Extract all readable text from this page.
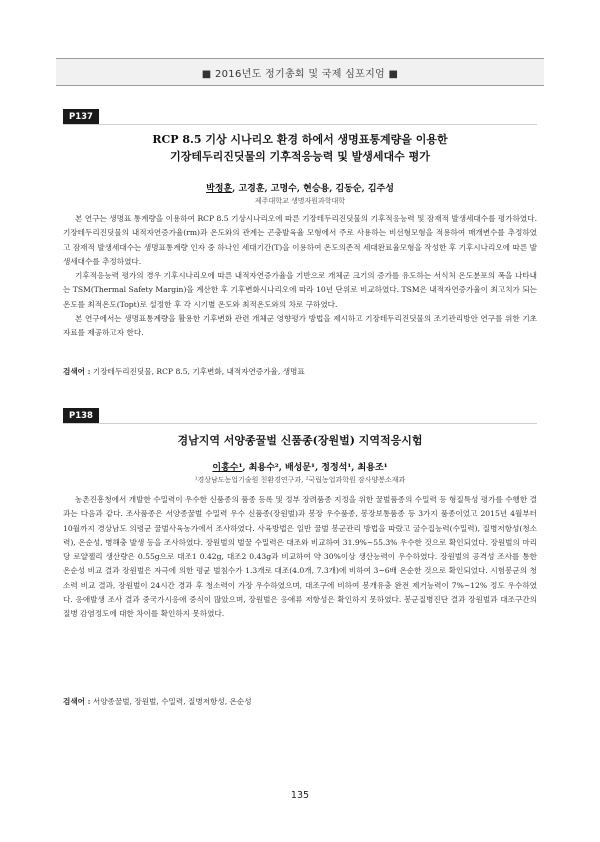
■ 2016년도 정기총회 및 국제 심포지엄 ■
P137
RCP 8.5 기상 시나리오 환경 하에서 생명표통계량을 이용한
기장테두리진딧물의 기후적응능력 및 발생세대수 평가
박정훈, 고경훈, 고명수, 현승용, 김동순, 김주성
제주대학교 생명자원과학대학

본 연구는 생명표 통계량을 이용하여 RCP 8.5 기상시나리오에 따른 기장테두리진딧물의 기후적응능력 및 잠재적 발생세대수를 평가하였다. 기장테두리진딧물의 내적자연증가율(rm)과 온도와의 관계는 곤충발육율 모형에서 주로 사용하는 비선형모형을 적용하여 매개변수를 추정하였고 잠재적 발생세대수는 생명표통계량 인자 중 하나인 세대기간(T)을 이용하여 온도의존적 세대완료율모형을 작성한 후 기후시나리오에 따른 발생세대수를 추정하였다.

기후적응능력 평가의 경우 기후시나리오에 따른 내적자연증가율을 기반으로 개체군 크기의 증가를 유도하는 서식처 온도분포의 폭을 나타내는 TSM(Thermal Safety Margin)을 계산한 후 기후변화시나리오에 따라 10년 단위로 비교하였다. TSM은 내적자연증가율이 최고치가 되는 온도를 최적온도(Topt)로 설정한 후 각 시기별 온도와 최적온도와의 차로 구하였다.

본 연구에서는 생명표통계량을 활용한 기후변화 관련 개체군 영향평가 방법을 제시하고 기장테두리진딧물의 조기관리방안 연구를 위한 기초자료를 제공하고자 한다.

검색어 : 기장테두리진딧물, RCP 8.5, 기후변화, 내적자연증가율, 생명표
P138
경남지역 서양종꿀벌 신품종(장원벌) 지역적응시험
이홍수¹, 최용수², 배성문¹, 정정석¹, 최용조¹
¹경상남도농업기술원 친환경연구과, ²국립농업과학원 잠사양봉소재과

농촌진흥청에서 개발한 수밀력이 우수한 신품종의 품종 등록 및 정부 장려품종 지정을 위한 꿀벌품종의 수밀력 등 형질특성 평가를 수행한 결과는 다음과 같다. 조사품종은 서양종꿀벌 수밀력 우수 신품종(장원벌)과 봉장 우수품종, 봉장보통품종 등 3가지 품종이었고 2015년 4월부터 10월까지 경상남도 의령군 꿀벌사육농가에서 조사하였다. 사육방법은 일반 꿀벌 봉군관리 방법을 따랐고 굴수집능력(수밀력), 질병저항성(청소력), 온순성, 병해충 발생 등을 조사하였다. 장원벌의 벌꿀 수밀력은 대조와 비교하여 31.9%~55.3% 우수한 것으로 확인되었다. 장원벌의 마리당 로얄젤리 생산량은 0.55g으로 대조1 0.42g, 대조2 0.43g과 비교하여 약 30%이상 생산능력이 우수하였다. 장원벌의 공격성 조사를 통한 온순성 비교 결과 장원벌은 자극에 의한 평균 벌침수가 1.3개로 대조(4.0개, 7.3개)에 비하여 3~6배 온순한 것으로 확인되었다. 시험봉군의 청소력 비교 결과, 장원벌이 24시간 경과 후 청소력이 가장 우수하였으며, 대조구에 비하여 봉개유충 완전 제거능력이 7%~12% 정도 우수하였다. 응애발생 조사 결과 중국가시응애 중식이 많았으며, 장원벌은 응애류 저항성은 확인하지 못하였다. 봉군질병진단 결과 장원벌과 대조구간의 질병 감염정도에 대한 차이를 확인하지 못하였다.

검색어 : 서양종꿀벌, 장원벌, 수밀력, 질병저항성, 온순성
135
